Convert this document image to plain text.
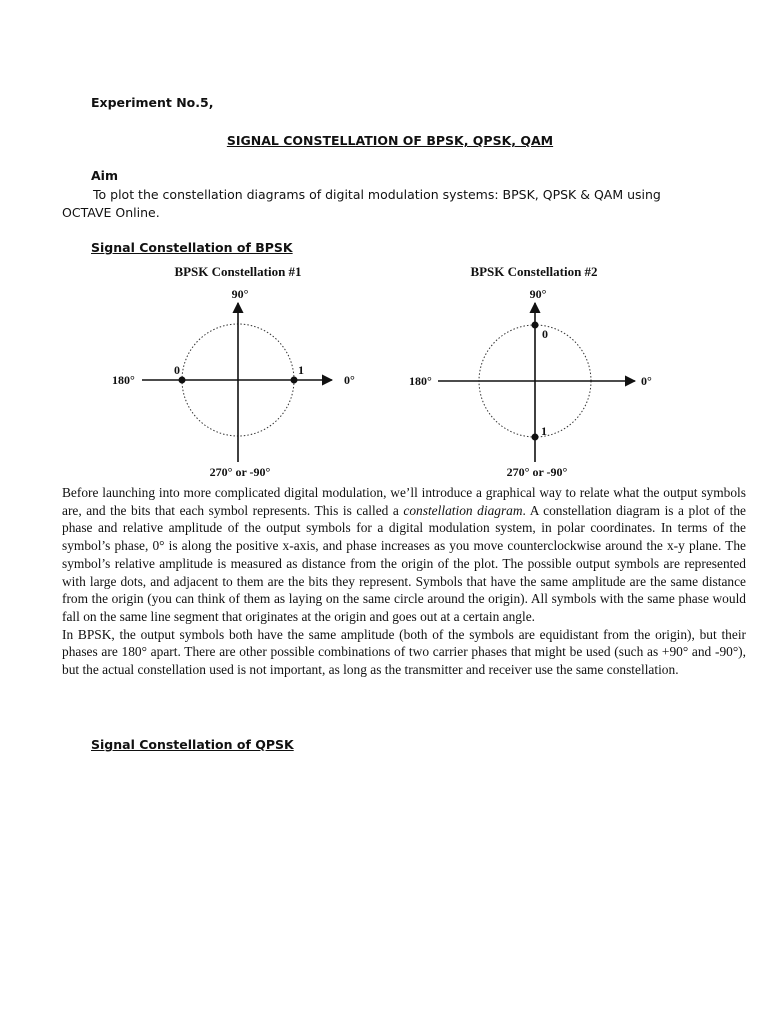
Experiment No.5,
SIGNAL CONSTELLATION OF BPSK, QPSK, QAM
Aim
To plot the constellation diagrams of digital modulation systems: BPSK, QPSK & QAM using OCTAVE Online.
Signal Constellation of BPSK
BPSK Constellation #1
90°
180°	0°
270° or -90°
0	1
BPSK Constellation #2
90°
180°	0°
270° or -90°
0
1

Before launching into more complicated digital modulation, we’ll introduce a graphical way to relate what the output symbols are, and the bits that each symbol represents. This is called a constellation diagram. A constellation diagram is a plot of the phase and relative amplitude of the output symbols for a digital modulation system, in polar coordinates. In terms of the symbol’s phase, 0° is along the positive x-axis, and phase increases as you move counterclockwise around the x-y plane. The symbol’s relative amplitude is measured as distance from the origin of the plot. The possible output symbols are represented with large dots, and adjacent to them are the bits they represent. Symbols that have the same amplitude are the same distance from the origin (you can think of them as laying on the same circle around the origin). All symbols with the same phase would fall on the same line segment that originates at the origin and goes out at a certain angle.

In BPSK, the output symbols both have the same amplitude (both of the symbols are equidistant from the origin), but their phases are 180° apart. There are other possible combinations of two carrier phases that might be used (such as +90° and -90°), but the actual constellation used is not important, as long as the transmitter and receiver use the same constellation.

Signal Constellation of QPSK
